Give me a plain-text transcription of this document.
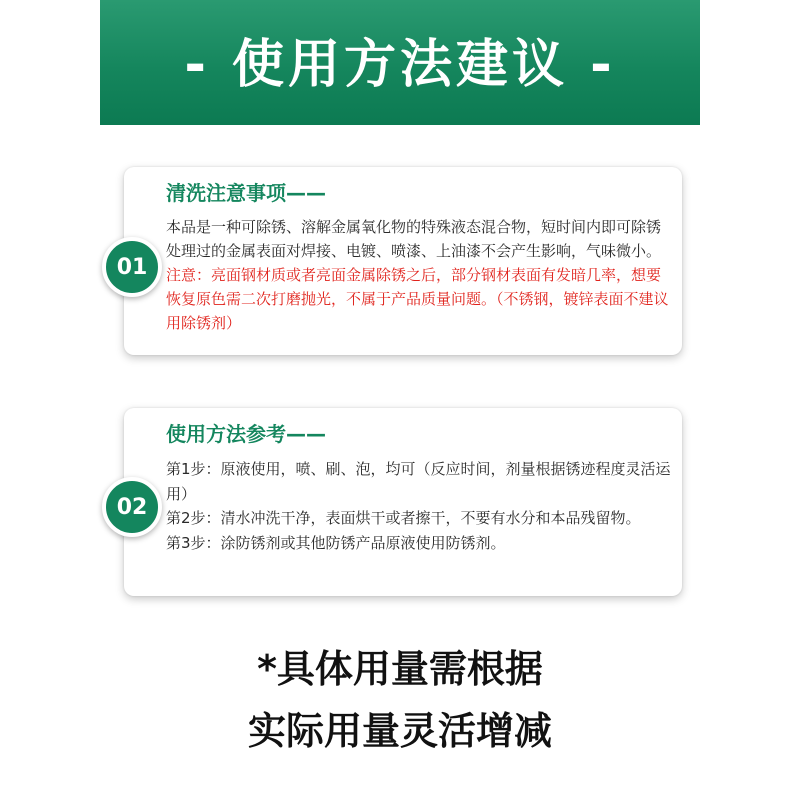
- 使用方法建议 -
清洗注意事项——
本品是一种可除锈、溶解金属氧化物的特殊液态混合物，短时间内即可除锈处理过的金属表面对焊接、电镀、喷漆、上油漆不会产生影响，气味微小。注意：亮面钢材质或者亮面金属除锈之后，部分钢材表面有发暗几率，想要恢复原色需二次打磨抛光，不属于产品质量问题。（不锈钢，镀锌表面不建议用除锈剂）
01
使用方法参考——
第1步：原液使用，喷、刷、泡，均可（反应时间，剂量根据锈迹程度灵活运用）
第2步：清水冲洗干净，表面烘干或者擦干，不要有水分和本品残留物。
第3步：涂防锈剂或其他防锈产品原液使用防锈剂。
02
*具体用量需根据
实际用量灵活增减
